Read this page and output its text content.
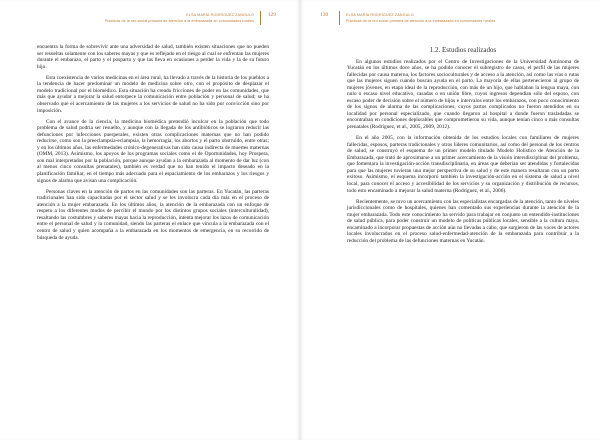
ELSA MARÍA RODRÍGUEZ ZANGULO
Prácticas de la red social primaria de atención a la embarazada en comunidades rurales
129

encuentra la forma de sobrevivir ante una adversidad de salud, también existen situaciones que no pueden ser resueltas solamente con los saberes mayas y que es reflejado en el riesgo al cual se enfrentan las mujeres durante el embarazo, el parto y el posparto y que las lleva en ocasiones a perder la vida y la de su futuro hijo.

Esta coexistencia de varios medicinas en el área rural, ha llevado a través de la historia de los pueblos a la tendencia de hacer predominar un modelo de medicina sobre otro, con el propósito de desplazar el modelo tradicional por el biomédico. Esta situación ha creado fricciones de poder en las comunidades, que más que ayudar a mejorar la salud entorpece la comunicación entre población y personal de salud; se ha observado que el acercamiento de las mujeres a los servicios de salud no ha sido por convicción sino por imposición.

Con el avance de la ciencia, la medicina biomédica pretendió inculcar en la población que todo problema de salud podría ser resuelto, y aunque con la llegada de los antibióticos se lograron reducir las defunciones por infecciones puerperales, existen otras complicaciones maternas que no han podido reducirse, como son la preeclampsia-eclampsia, la hemorragia, los abortos y el parto obstruido, entre otras; y en los últimos años, las enfermedades crónico-degenerativas han sido causa indirecta de muertes maternas (OMM, 2013). Asimismo, los apoyos de los programas sociales como el de Oportunidades, hoy Prospera, son mal interpretados por la población, porque aunque ayudan a la embarazada al momento de dar luz (con al menos cinco consultas prenatales), también es verdad que no han tenido el impacto deseado en la planificación familiar, en el tiempo más adecuado para el espaciamiento de los embarazos y los riesgos y signos de alarma que avisan una complicación.

Personas claves en la atención de partos en las comunidades son las parteras. En Yucatán, las parteras tradicionales han sido capacitadas por el sector salud y se les involucra cada día más en el proceso de atención a la mujer embarazada. En los últimos años, la atención de la embarazada con un enfoque de respeto a los diferentes modos de percibir el mundo por los distintos grupos sociales (interculturalidad), resaltando las costumbres y saberes mayas hacia la reproducción, intenta mejorar los lazos de comunicación entre el personal de salud y la comunidad, siendo las parteras el enlace que vincula a la embarazada con el centro de salud y quien acompaña a la embarazada en los momentos de emergencia, en su recorrido de búsqueda de ayuda.

130	ELSA MARÍA RODRÍGUEZ ZANGULO
Prácticas de la red social primaria de atención a la embarazada en comunidades rurales
1.2. Estudios realizados

En algunos estudios realizados por el Centro de Investigaciones de la Universidad Autónoma de Yucatán en los últimos doce años, se ha podido conocer el subregistro de casos, el perfil de las mujeres fallecidas por causa materna, los factores socioculturales y de acceso a la atención, así como las vías o rutas que las mujeres siguen cuando buscan ayuda en el parto. La mayoría de ellas pertenecieron al grupo de mujeres jóvenes, en etapa ideal de la reproducción, con más de un hijo, que hablaban la lengua maya, con nulo o escaso nivel educativo, casadas o en unión libre, cuyos ingresos dependían sólo del esposo, con escaso poder de decisión sobre el número de hijos e intervalos entre los embarazos, con poco conocimiento de los signos de alarma de las complicaciones, cuyos partos complicados no fueron atendidos en su localidad por personal especializado, que cuando llegaron al hospital a donde fueron trasladadas se encontraban en condiciones deplorables que comprometieron su vida, aunque tenían cinco o más consultas prenatales (Rodríguez, et al., 2005, 2009, 2012).

En el año 2005, con la información obtenida de los estudios locales con familiares de mujeres fallecidas, esposos, parteras tradicionales y otros líderes comunitarios, así como del personal de los centros de salud, se construyó el esquema de un primer modelo titulado Modelo Holístico de Atención de la Embarazada, que trató de aproximarse a un primer acercamiento de la visión intersdisciplinar del problema, que fomentara la investigación-acción transdisciplinaria, en áreas que deberían ser atendidas y fortalecidas para que las mujeres tuvieran una mejor perspectiva de su salud y de este manera resultaran con un parto exitoso. Asimismo, el esquema incorporó también la investigación-acción en el sistema de salud a nivel local, para conocer el acceso y accesibilidad de los servicios y su organización y distribución de recursos, todo esto encaminado a mejorar la salud materna (Rodríguez, et al., 2006).

Recientemente, se tuvo un acercamiento con las especialistas encargadas de la atención, tanto de niveles jurisdiccionales como de hospitales, quienes han comentado sus experiencias durante la atención de la mujer embarazada. Todo este conocimiento ha servido para trabajar en conjunto un entendido-instituciones de salud pública, para poder construir un modelo de políticas públicas locales, sensible a la cultura maya, encaminado a incorporar propuestas de acción aún no llevadas a cabo, que surgieron de las voces de actores locales involucrados en el proceso salud-enfermedad-atención de la embarazada para contribuir a la reducción del problema de las defunciones maternas en Yucatán.
